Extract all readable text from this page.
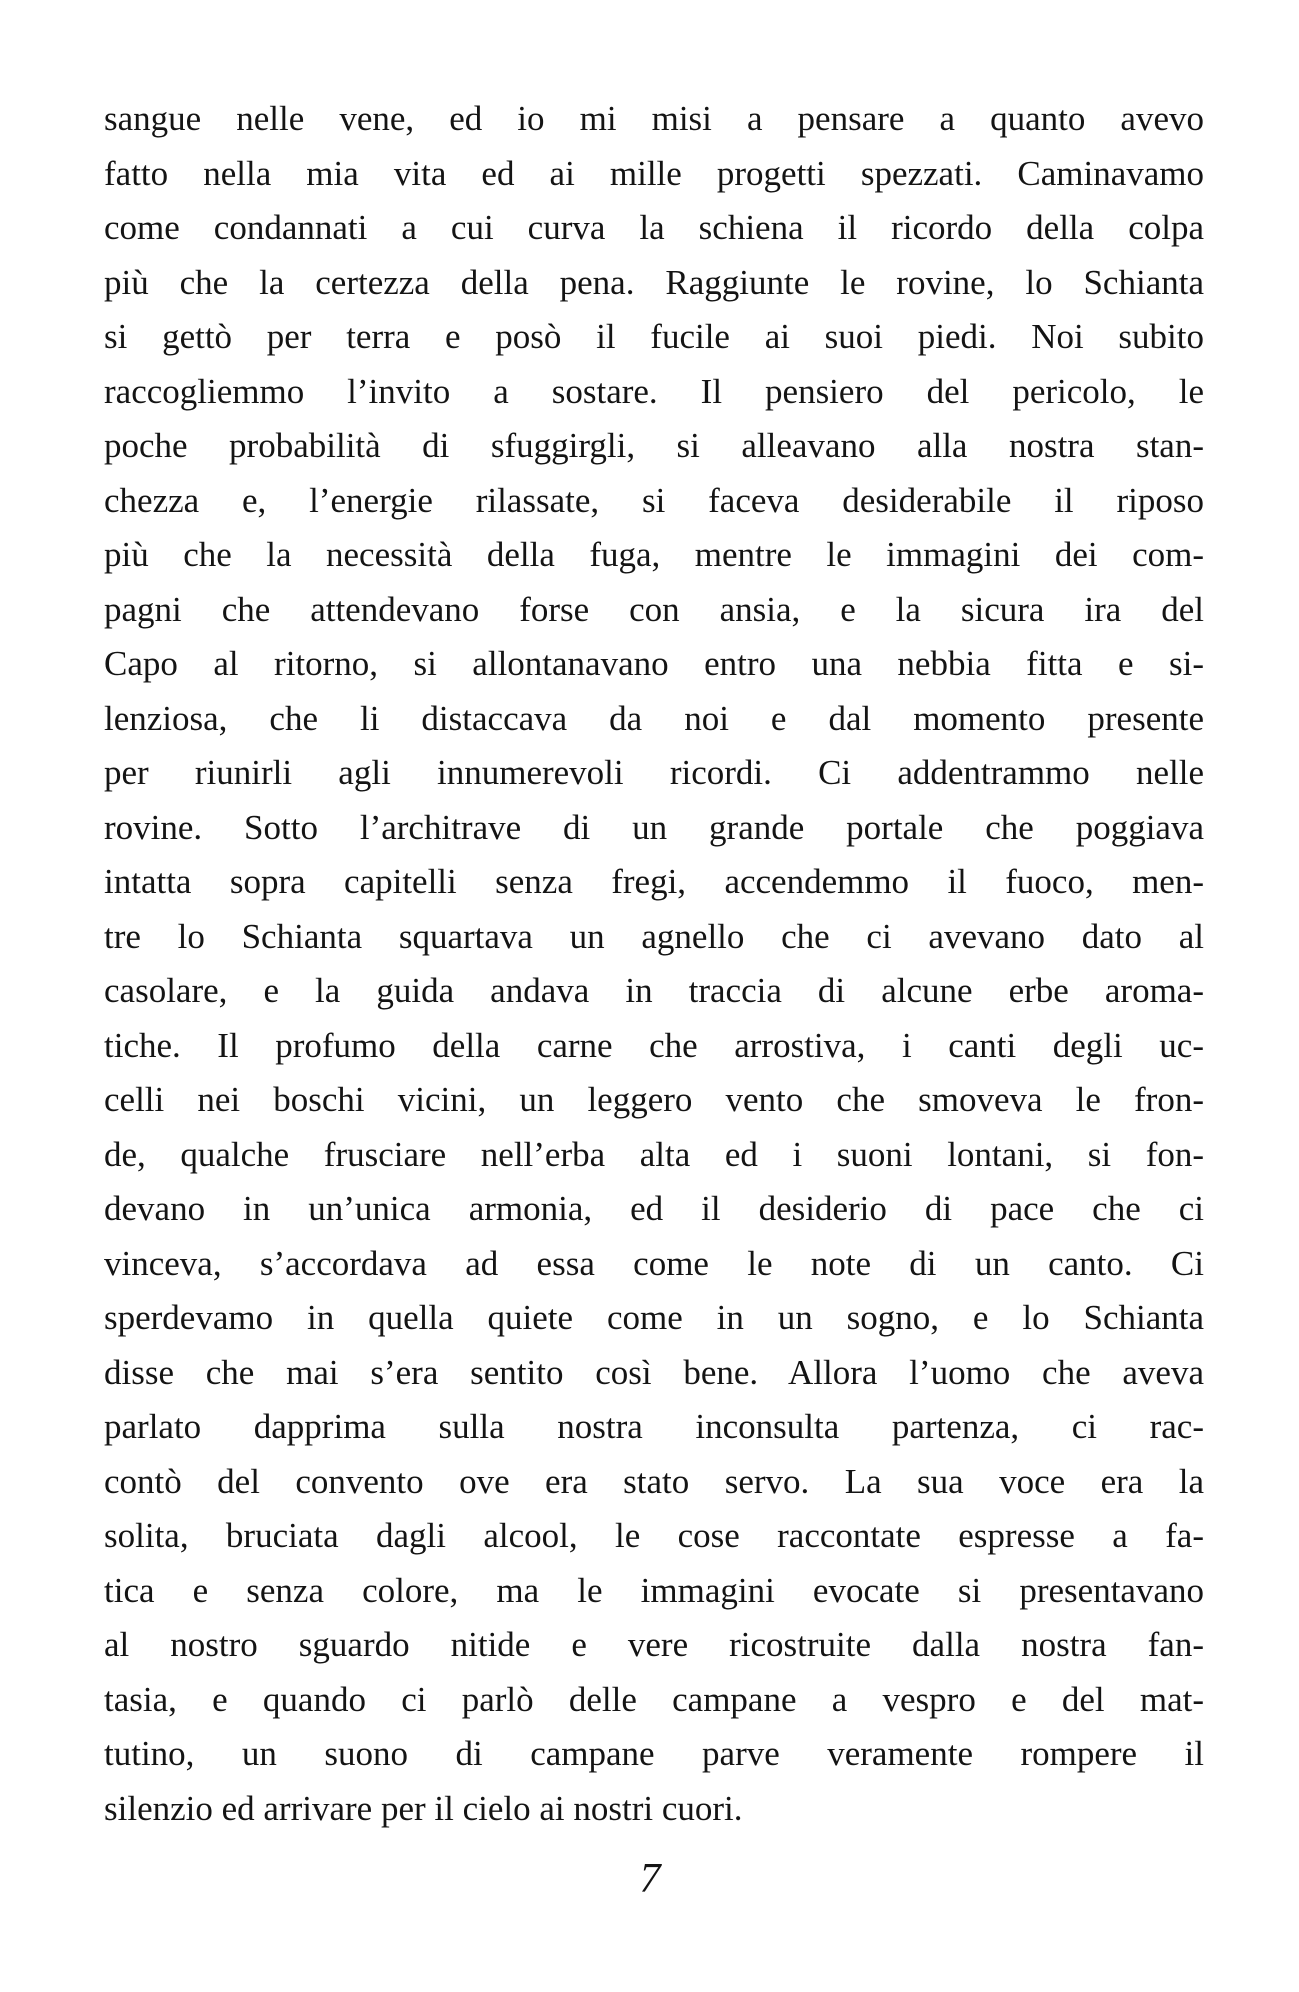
sangue nelle vene, ed io mi misi a pensare a quanto avevo
fatto nella mia vita ed ai mille progetti spezzati. Caminavamo
come condannati a cui curva la schiena il ricordo della colpa
più che la certezza della pena. Raggiunte le rovine, lo Schianta
si gettò per terra e posò il fucile ai suoi piedi. Noi subito
raccogliemmo l’invito a sostare. Il pensiero del pericolo, le
poche probabilità di sfuggirgli, si alleavano alla nostra stan-
chezza e, l’energie rilassate, si faceva desiderabile il riposo
più che la necessità della fuga, mentre le immagini dei com-
pagni che attendevano forse con ansia, e la sicura ira del
Capo al ritorno, si allontanavano entro una nebbia fitta e si-
lenziosa, che li distaccava da noi e dal momento presente
per riunirli agli innumerevoli ricordi. Ci addentrammo nelle
rovine. Sotto l’architrave di un grande portale che poggiava
intatta sopra capitelli senza fregi, accendemmo il fuoco, men-
tre lo Schianta squartava un agnello che ci avevano dato al
casolare, e la guida andava in traccia di alcune erbe aroma-
tiche. Il profumo della carne che arrostiva, i canti degli uc-
celli nei boschi vicini, un leggero vento che smoveva le fron-
de, qualche frusciare nell’erba alta ed i suoni lontani, si fon-
devano in un’unica armonia, ed il desiderio di pace che ci
vinceva, s’accordava ad essa come le note di un canto. Ci
sperdevamo in quella quiete come in un sogno, e lo Schianta
disse che mai s’era sentito così bene. Allora l’uomo che aveva
parlato dapprima sulla nostra inconsulta partenza, ci rac-
contò del convento ove era stato servo. La sua voce era la
solita, bruciata dagli alcool, le cose raccontate espresse a fa-
tica e senza colore, ma le immagini evocate si presentavano
al nostro sguardo nitide e vere ricostruite dalla nostra fan-
tasia, e quando ci parlò delle campane a vespro e del mat-
tutino, un suono di campane parve veramente rompere il
silenzio ed arrivare per il cielo ai nostri cuori.
7
